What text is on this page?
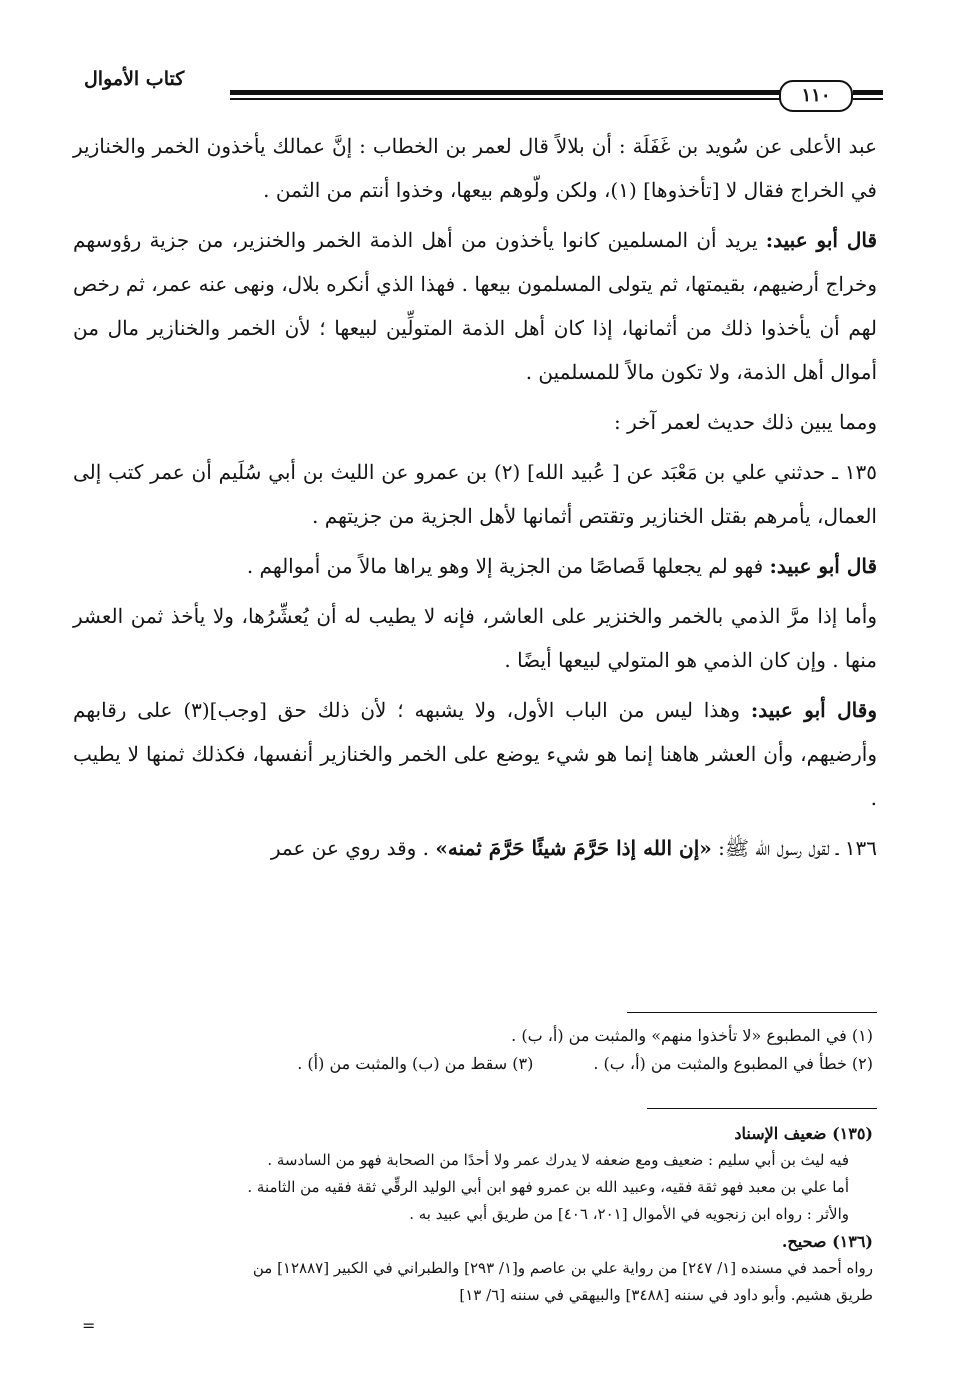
كتاب الأموال
١١٠

عبد الأعلى عن سُويد بن غَفَلَة : أن بلالاً قال لعمر بن الخطاب : إنَّ عمالك يأخذون الخمر والخنازير في الخراج فقال لا [تأخذوها] (١)، ولكن ولّوهم بيعها، وخذوا أنتم من الثمن .

قال أبو عبيد: يريد أن المسلمين كانوا يأخذون من أهل الذمة الخمر والخنزير، من جزية رؤوسهم وخراج أرضيهم، بقيمتها، ثم يتولى المسلمون بيعها . فهذا الذي أنكره بلال، ونهى عنه عمر، ثم رخص لهم أن يأخذوا ذلك من أثمانها، إذا كان أهل الذمة المتولِّين لبيعها ؛ لأن الخمر والخنازير مال من أموال أهل الذمة، ولا تكون مالاً للمسلمين .

ومما يبين ذلك حديث لعمر آخر :

١٣٥ ـ حدثني علي بن مَعْبَد عن [ عُبيد الله] (٢) بن عمرو عن الليث بن أبي سُلَيم أن عمر كتب إلى العمال، يأمرهم بقتل الخنازير وتقتص أثمانها لأهل الجزية من جزيتهم .

قال أبو عبيد: فهو لم يجعلها قَصاصًا من الجزية إلا وهو يراها مالاً من أموالهم .

وأما إذا مرَّ الذمي بالخمر والخنزير على العاشر، فإنه لا يطيب له أن يُعشِّرُها، ولا يأخذ ثمن العشر منها . وإن كان الذمي هو المتولي لبيعها أيضًا .

وقال أبو عبيد: وهذا ليس من الباب الأول، ولا يشبهه ؛ لأن ذلك حق [وجب](٣) على رقابهم وأرضيهم، وأن العشر هاهنا إنما هو شيء يوضع على الخمر والخنازير أنفسها، فكذلك ثمنها لا يطيب .

١٣٦ ـ لقول رسول الله ﷺ: «إن الله إذا حَرَّمَ شيئًا حَرَّمَ ثمنه» . وقد روي عن عمر

(١) في المطبوع «لا تأخذوا منهم» والمثبت من (أ، ب) .
(٢) خطأ في المطبوع والمثبت من (أ، ب) .
(٣) سقط من (ب) والمثبت من (أ) .
(١٣٥) ضعيف الإسناد
فيه ليث بن أبي سليم : ضعيف ومع ضعفه لا يدرك عمر ولا أحدًا من الصحابة فهو من السادسة .
أما علي بن معبد فهو ثقة فقيه، وعبيد الله بن عمرو فهو ابن أبي الوليد الرقِّي ثقة فقيه من الثامنة .
والأثر : رواه ابن زنجويه في الأموال [٢٠١، ٤٠٦] من طريق أبي عبيد به .
(١٣٦) صحيح.
رواه أحمد في مسنده [١/ ٢٤٧] من رواية علي بن عاصم و[١/ ٢٩٣] والطبراني في الكبير [١٢٨٨٧] من
طريق هشيم. وأبو داود في سننه [٣٤٨٨] والبيهقي في سننه [٦/ ١٣]
=
